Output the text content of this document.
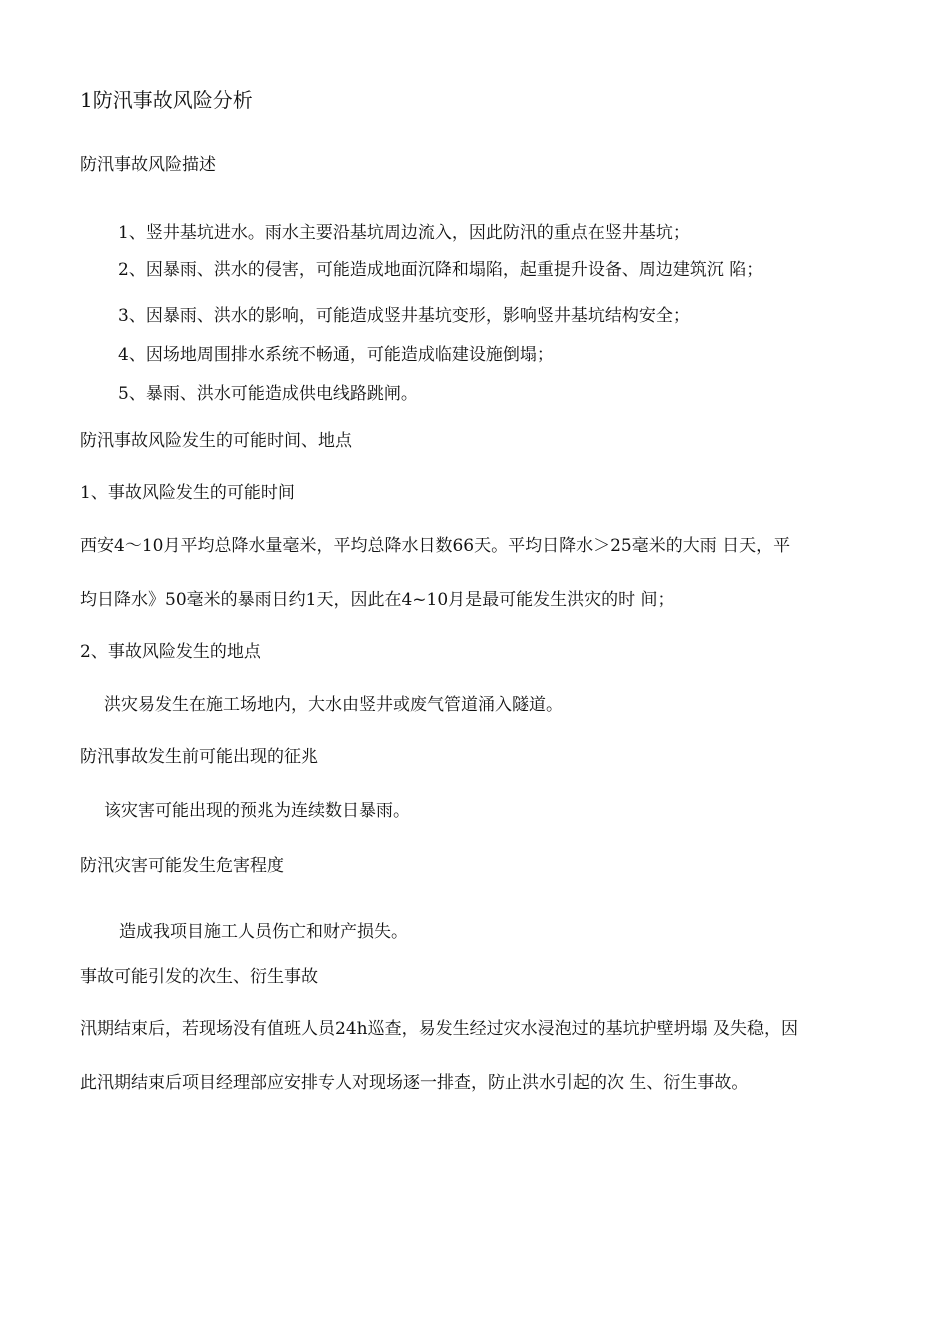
1防汛事故风险分析
防汛事故风险描述
1、竖井基坑进水。雨水主要沿基坑周边流入，因此防汛的重点在竖井基坑；
2、因暴雨、洪水的侵害，可能造成地面沉降和塌陷，起重提升设备、周边建筑沉 陷；
3、因暴雨、洪水的影响，可能造成竖井基坑变形，影响竖井基坑结构安全；
4、因场地周围排水系统不畅通，可能造成临建设施倒塌；
5、暴雨、洪水可能造成供电线路跳闸。
防汛事故风险发生的可能时间、地点
1、事故风险发生的可能时间
西安4〜10月平均总降水量毫米，平均总降水日数66天。平均日降水＞25毫米的大雨 日天，平
均日降水》50毫米的暴雨日约1天，因此在4~10月是最可能发生洪灾的时 间；
2、事故风险发生的地点
洪灾易发生在施工场地内，大水由竖井或废气管道涌入隧道。
防汛事故发生前可能出现的征兆
该灾害可能出现的预兆为连续数日暴雨。
防汛灾害可能发生危害程度
造成我项目施工人员伤亡和财产损失。
事故可能引发的次生、衍生事故
汛期结束后，若现场没有值班人员24h巡查，易发生经过灾水浸泡过的基坑护壁坍塌 及失稳，因
此汛期结束后项目经理部应安排专人对现场逐一排查，防止洪水引起的次 生、衍生事故。
